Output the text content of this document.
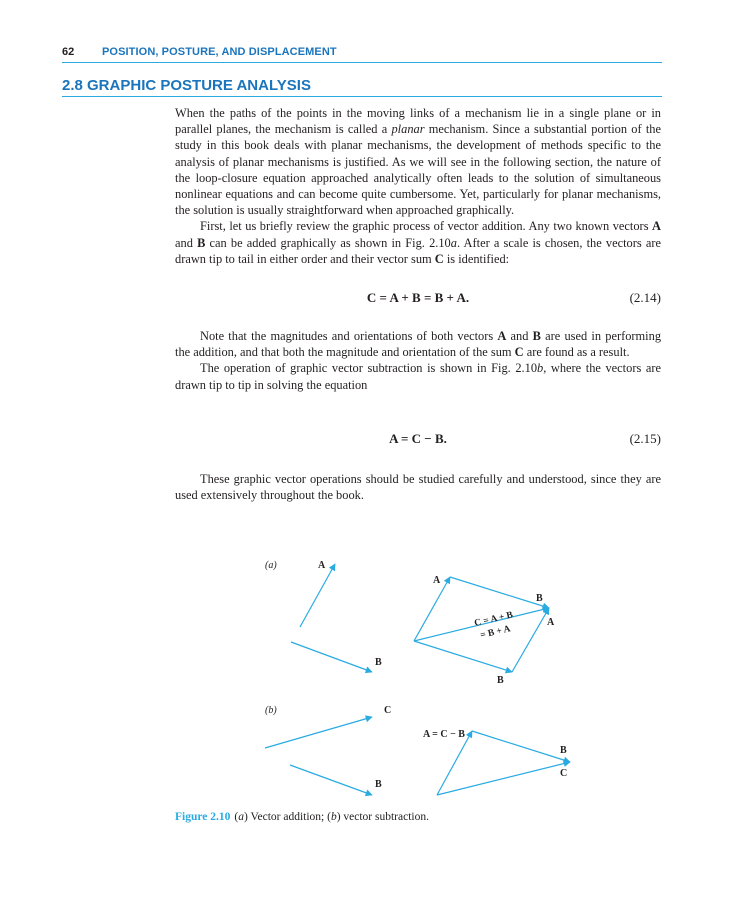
62	POSITION, POSTURE, AND DISPLACEMENT
2.8 GRAPHIC POSTURE ANALYSIS

When the paths of the points in the moving links of a mechanism lie in a single plane or in parallel planes, the mechanism is called a planar mechanism. Since a substantial portion of the study in this book deals with planar mechanisms, the development of methods specific to the analysis of planar mechanisms is justified. As we will see in the following section, the nature of the loop-closure equation approached analytically often leads to the solution of simultaneous nonlinear equations and can become quite cumbersome. Yet, particularly for planar mechanisms, the solution is usually straightforward when approached graphically.

First, let us briefly review the graphic process of vector addition. Any two known vectors A and B can be added graphically as shown in Fig. 2.10a. After a scale is chosen, the vectors are drawn tip to tail in either order and their vector sum C is identified:

C = A + B = B + A.	(2.14)

Note that the magnitudes and orientations of both vectors A and B are used in performing the addition, and that both the magnitude and orientation of the sum C are found as a result.

The operation of graphic vector subtraction is shown in Fig. 2.10b, where the vectors are drawn tip to tip in solving the equation

A = C − B.	(2.15)

These graphic vector operations should be studied carefully and understood, since they are used extensively throughout the book.

(a)	A
B
A
B
A
B
C = A + B
= B + A
(b)	C
B
A = C − B
B
C
Figure 2.10 (a) Vector addition; (b) vector subtraction.
